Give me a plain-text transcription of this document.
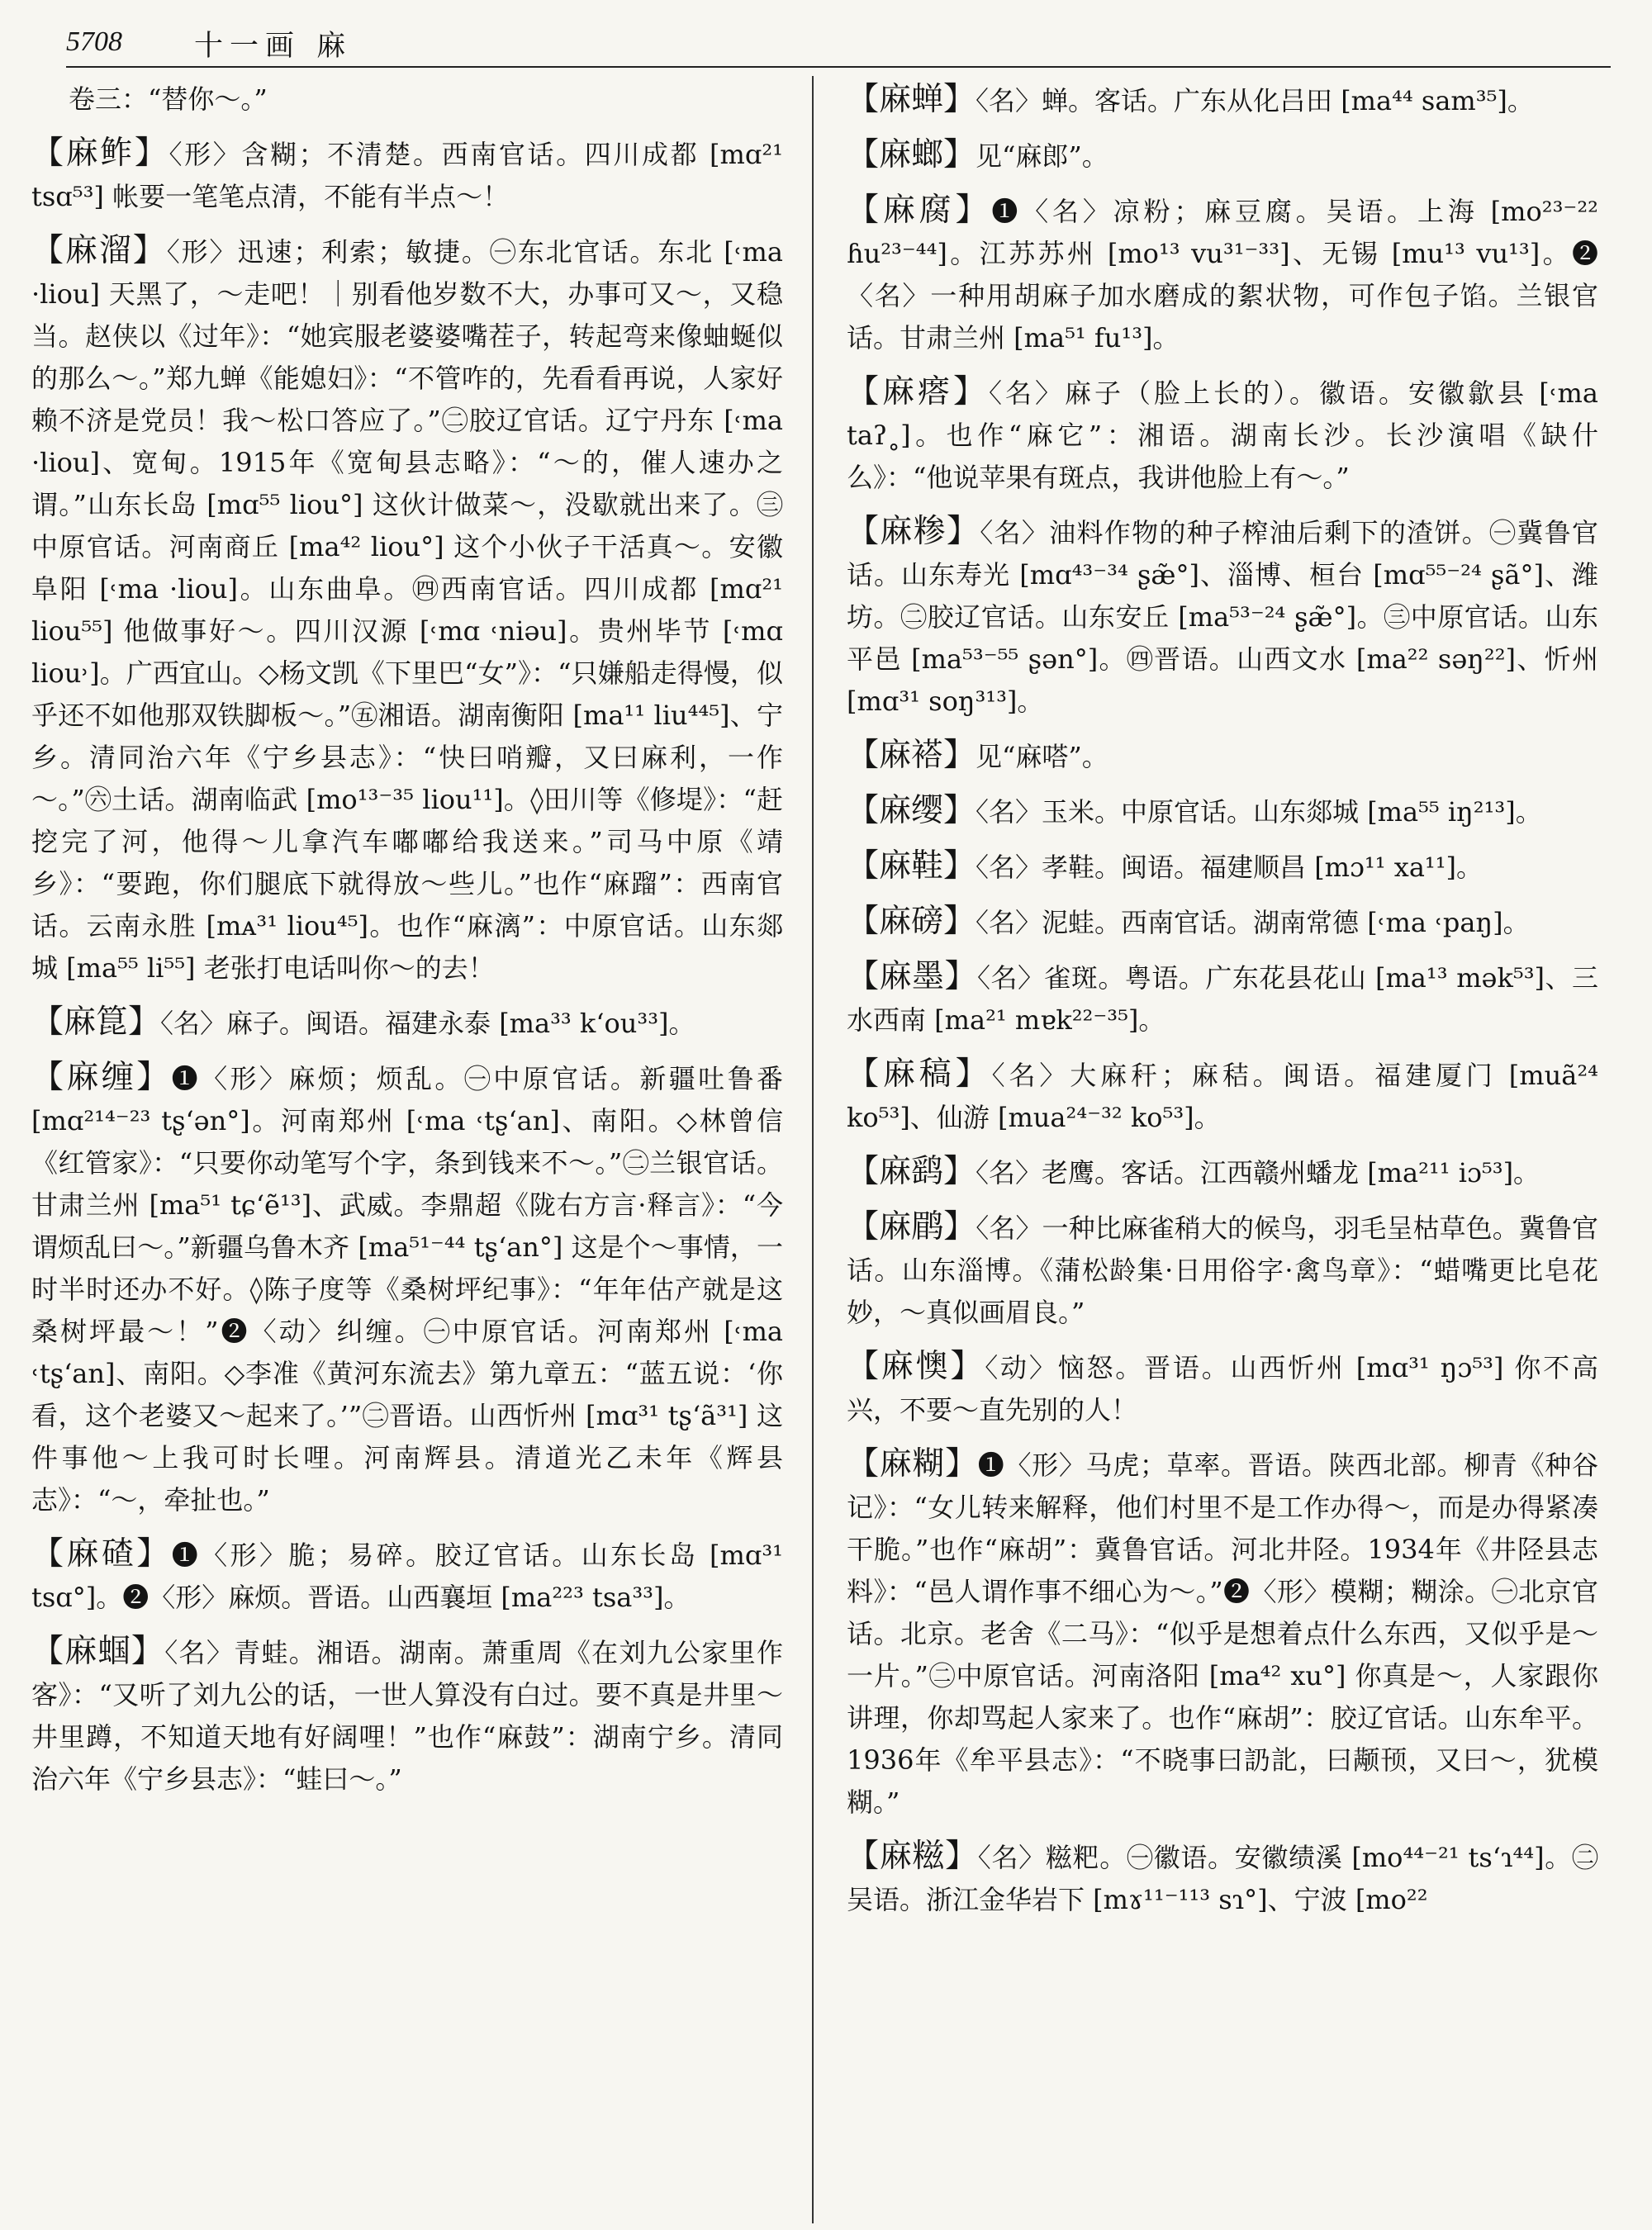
5708 十一画 麻

卷三：“替你～。”

【麻鲊】〈形〉含糊；不清楚。西南官话。四川成都 [mɑ²¹ tsɑ⁵³] 帐要一笔笔点清，不能有半点～！

【麻溜】〈形〉迅速；利索；敏捷。㊀东北官话。东北 [˓ma ·liou] 天黑了，～走吧！｜别看他岁数不大，办事可又～，又稳当。赵侠以《过年》：“她宾服老婆婆嘴茬子，转起弯来像蚰蜒似的那么～。”郑九蝉《能媳妇》：“不管咋的，先看看再说，人家好赖不济是党员！我～松口答应了。”㊁胶辽官话。辽宁丹东 [˓ma ·liou]、宽甸。1915年《宽甸县志略》：“～的，催人速办之谓。”山东长岛 [mɑ⁵⁵ liou°] 这伙计做菜～，没歇就出来了。㊂中原官话。河南商丘 [ma⁴² liou°] 这个小伙子干活真～。安徽阜阳 [˓ma ·liou]。山东曲阜。㊃西南官话。四川成都 [mɑ²¹ liou⁵⁵] 他做事好～。四川汉源 [˓mɑ ˓niəu]。贵州毕节 [˓mɑ liou˒]。广西宜山。◇杨文凯《下里巴“女”》：“只嫌船走得慢，似乎还不如他那双铁脚板～。”㊄湘语。湖南衡阳 [ma¹¹ liu⁴⁴⁵]、宁乡。清同治六年《宁乡县志》：“快曰哨瓣，又曰麻利，一作～。”㊅土话。湖南临武 [mo¹³⁻³⁵ liou¹¹]。◊田川等《修堤》：“赶挖完了河，他得～儿拿汽车嘟嘟给我送来。”司马中原《靖乡》：“要跑，你们腿底下就得放～些儿。”也作“麻蹓”：西南官话。云南永胜 [mᴀ³¹ liou⁴⁵]。也作“麻漓”：中原官话。山东郯城 [ma⁵⁵ li⁵⁵] 老张打电话叫你～的去！

【麻箟】〈名〉麻子。闽语。福建永泰 [ma³³ k‘ou³³]。

【麻缠】❶〈形〉麻烦；烦乱。㊀中原官话。新疆吐鲁番 [mɑ²¹⁴⁻²³ tʂ‘ən°]。河南郑州 [˓ma ˓tʂ‘an]、南阳。◇林曾信《红管家》：“只要你动笔写个字，条到钱来不～。”㊁兰银官话。甘肃兰州 [ma⁵¹ tɕ‘ẽ¹³]、武威。李鼎超《陇右方言·释言》：“今谓烦乱曰～。”新疆乌鲁木齐 [ma⁵¹⁻⁴⁴ tʂ‘an°] 这是个～事情，一时半时还办不好。◊陈子度等《桑树坪纪事》：“年年估产就是这桑树坪最～！”❷〈动〉纠缠。㊀中原官话。河南郑州 [˓ma ˓tʂ‘an]、南阳。◇李准《黄河东流去》第九章五：“蓝五说：‘你看，这个老婆又～起来了。’”㊁晋语。山西忻州 [mɑ³¹ tʂ‘ã³¹] 这件事他～上我可时长哩。河南辉县。清道光乙未年《辉县志》：“～，牵扯也。”

【麻碴】❶〈形〉脆；易碎。胶辽官话。山东长岛 [mɑ³¹ tsɑ°]。❷〈形〉麻烦。晋语。山西襄垣 [ma²²³ tsa³³]。

【麻蝈】〈名〉青蛙。湘语。湖南。萧重周《在刘九公家里作客》：“又听了刘九公的话，一世人算没有白过。要不真是井里～井里蹲，不知道天地有好阔哩！”也作“麻鼓”：湖南宁乡。清同治六年《宁乡县志》：“蛙曰～。”

【麻蝉】〈名〉蝉。客话。广东从化吕田 [ma⁴⁴ sam³⁵]。

【麻螂】见“麻郎”。

【麻腐】❶〈名〉凉粉；麻豆腐。吴语。上海 [mo²³⁻²² ɦu²³⁻⁴⁴]。江苏苏州 [mo¹³ vu³¹⁻³³]、无锡 [mu¹³ vu¹³]。❷〈名〉一种用胡麻子加水磨成的絮状物，可作包子馅。兰银官话。甘肃兰州 [ma⁵¹ fu¹³]。

【麻瘩】〈名〉麻子（脸上长的）。徽语。安徽歙县 [˓ma taʔ˳]。也作“麻它”：湘语。湖南长沙。长沙演唱《缺什么》：“他说苹果有斑点，我讲他脸上有～。”

【麻糁】〈名〉油料作物的种子榨油后剩下的渣饼。㊀冀鲁官话。山东寿光 [mɑ⁴³⁻³⁴ ʂæ̃°]、淄博、桓台 [mɑ⁵⁵⁻²⁴ ʂã°]、潍坊。㊁胶辽官话。山东安丘 [ma⁵³⁻²⁴ ʂæ̃°]。㊂中原官话。山东平邑 [ma⁵³⁻⁵⁵ ʂən°]。㊃晋语。山西文水 [ma²² səŋ²²]、忻州 [mɑ³¹ soŋ³¹³]。

【麻褡】见“麻嗒”。

【麻缨】〈名〉玉米。中原官话。山东郯城 [ma⁵⁵ iŋ²¹³]。

【麻鞋】〈名〉孝鞋。闽语。福建顺昌 [mɔ¹¹ xa¹¹]。

【麻磅】〈名〉泥蛙。西南官话。湖南常德 [˓ma ˓paŋ]。

【麻墨】〈名〉雀斑。粤语。广东花县花山 [ma¹³ mək⁵³]、三水西南 [ma²¹ mɐk²²⁻³⁵]。

【麻稿】〈名〉大麻秆；麻秸。闽语。福建厦门 [muã²⁴ ko⁵³]、仙游 [mua²⁴⁻³² ko⁵³]。

【麻鹞】〈名〉老鹰。客话。江西赣州蟠龙 [ma²¹¹ iɔ⁵³]。

【麻鹛】〈名〉一种比麻雀稍大的候鸟，羽毛呈枯草色。冀鲁官话。山东淄博。《蒲松龄集·日用俗字·禽鸟章》：“蜡嘴更比皂花妙，～真似画眉良。”

【麻懊】〈动〉恼怒。晋语。山西忻州 [mɑ³¹ ŋɔ⁵³] 你不高兴，不要～直先别的人！

【麻糊】❶〈形〉马虎；草率。晋语。陕西北部。柳青《种谷记》：“女儿转来解释，他们村里不是工作办得～，而是办得紧凑干脆。”也作“麻胡”：冀鲁官话。河北井陉。1934年《井陉县志料》：“邑人谓作事不细心为～。”❷〈形〉模糊；糊涂。㊀北京官话。北京。老舍《二马》：“似乎是想着点什么东西，又似乎是～一片。”㊁中原官话。河南洛阳 [ma⁴² xu°] 你真是～，人家跟你讲理，你却骂起人家来了。也作“麻胡”：胶辽官话。山东牟平。1936年《牟平县志》：“不晓事曰䚮䚰，曰颟顸，又曰～，犹模糊。”

【麻糍】〈名〉糍粑。㊀徽语。安徽绩溪 [mo⁴⁴⁻²¹ ts‘ɿ⁴⁴]。㊁吴语。浙江金华岩下 [mɤ¹¹⁻¹¹³ sɿ°]、宁波 [mo²²
